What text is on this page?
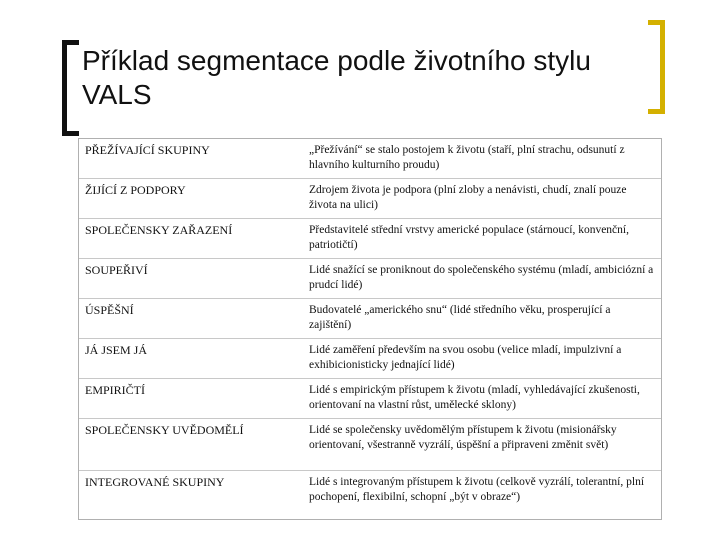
Příklad segmentace podle životního stylu VALS
PŘEŽÍVAJÍCÍ SKUPINY	„Přežívání“ se stalo postojem k životu (staří, plní strachu, odsunutí z hlavního kulturního proudu)
ŽIJÍCÍ Z PODPORY	Zdrojem života je podpora (plní zloby a nenávisti, chudí, znalí pouze života na ulici)
SPOLEČENSKY ZAŘAZENÍ	Představitelé střední vrstvy americké populace (stárnoucí, konvenční, patriotičtí)
SOUPEŘIVÍ	Lidé snažící se proniknout do společenského systému (mladí, ambiciózní a prudcí lidé)
ÚSPĚŠNÍ	Budovatelé „amerického snu“ (lidé středního věku, prosperující a zajištění)
JÁ JSEM JÁ	Lidé zaměření především na svou osobu (velice mladí, impulzivní a exhibicionisticky jednající lidé)
EMPIRIČTÍ	Lidé s empirickým přístupem k životu (mladí, vyhledávající zkušenosti, orientovaní na vlastní růst, umělecké sklony)
SPOLEČENSKY UVĚDOMĚLÍ	Lidé se společensky uvědomělým přístupem k životu (misionářsky orientovaní, všestranně vyzrálí, úspěšní a připraveni změnit svět)
INTEGROVANÉ SKUPINY	Lidé s integrovaným přístupem k životu (celkově vyzrálí, tolerantní, plní pochopení, flexibilní, schopní „být v obraze“)
